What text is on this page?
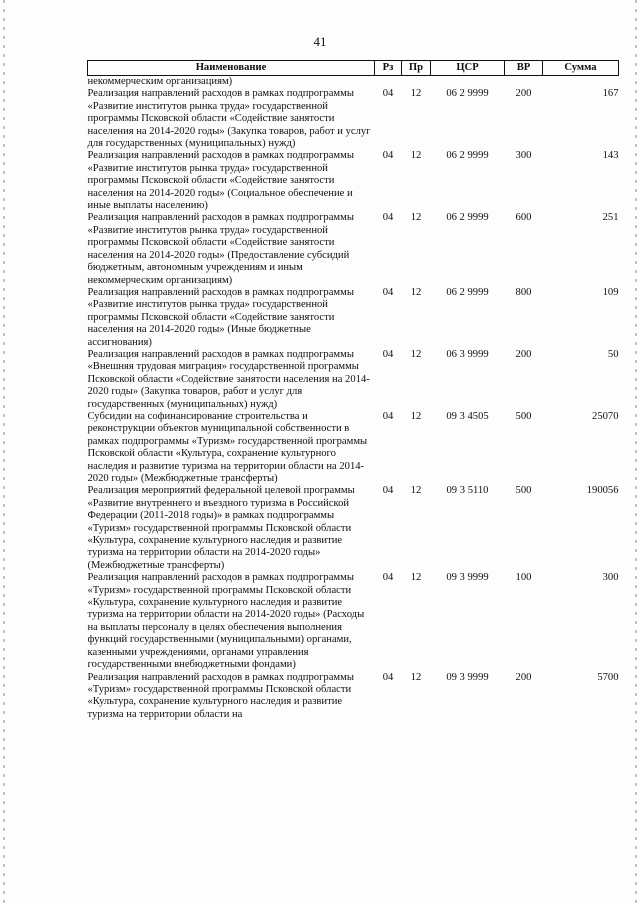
41
Наименование	Рз	Пр	ЦСР	ВР	Сумма
некоммерческим организациям)					
Реализация направлений расходов в рамках подпрограммы «Развитие институтов рынка труда» государственной программы Псковской области «Содействие занятости населения на 2014-2020 годы» (Закупка товаров, работ и услуг для государственных (муниципальных) нужд)	04	12	06 2 9999	200	167
Реализация направлений расходов в рамках подпрограммы «Развитие институтов рынка труда» государственной программы Псковской области «Содействие занятости населения на 2014-2020 годы» (Социальное обеспечение и иные выплаты населению)	04	12	06 2 9999	300	143
Реализация направлений расходов в рамках подпрограммы «Развитие институтов рынка труда» государственной программы Псковской области «Содействие занятости населения на 2014-2020 годы» (Предоставление субсидий бюджетным, автономным учреждениям и иным некоммерческим организациям)	04	12	06 2 9999	600	251
Реализация направлений расходов в рамках подпрограммы «Развитие институтов рынка труда» государственной программы Псковской области «Содействие занятости населения на 2014-2020 годы» (Иные бюджетные ассигнования)	04	12	06 2 9999	800	109
Реализация направлений расходов в рамках подпрограммы «Внешняя трудовая миграция» государственной программы Псковской области «Содействие занятости населения на 2014-2020 годы» (Закупка товаров, работ и услуг для государственных (муниципальных) нужд)	04	12	06 3 9999	200	50
Субсидии на софинансирование строительства и реконструкции объектов муниципальной собственности в рамках подпрограммы «Туризм» государственной программы Псковской области «Культура, сохранение культурного наследия и развитие туризма на территории области на 2014-2020 годы» (Межбюджетные трансферты)	04	12	09 3 4505	500	25070
Реализация мероприятий федеральной целевой программы «Развитие внутреннего и въездного туризма в Российской Федерации (2011-2018 годы)» в рамках подпрограммы «Туризм» государственной программы Псковской области «Культура, сохранение культурного наследия и развитие туризма на территории области на 2014-2020 годы» (Межбюджетные трансферты)	04	12	09 3 5110	500	190056
Реализация направлений расходов в рамках подпрограммы «Туризм» государственной программы Псковской области «Культура, сохранение культурного наследия и развитие туризма на территории области на 2014-2020 годы» (Расходы на выплаты персоналу в целях обеспечения выполнения функций государственными (муниципальными) органами, казенными учреждениями, органами управления государственными внебюджетными фондами)	04	12	09 3 9999	100	300
Реализация направлений расходов в рамках подпрограммы «Туризм» государственной программы Псковской области «Культура, сохранение культурного наследия и развитие туризма на территории области на	04	12	09 3 9999	200	5700
